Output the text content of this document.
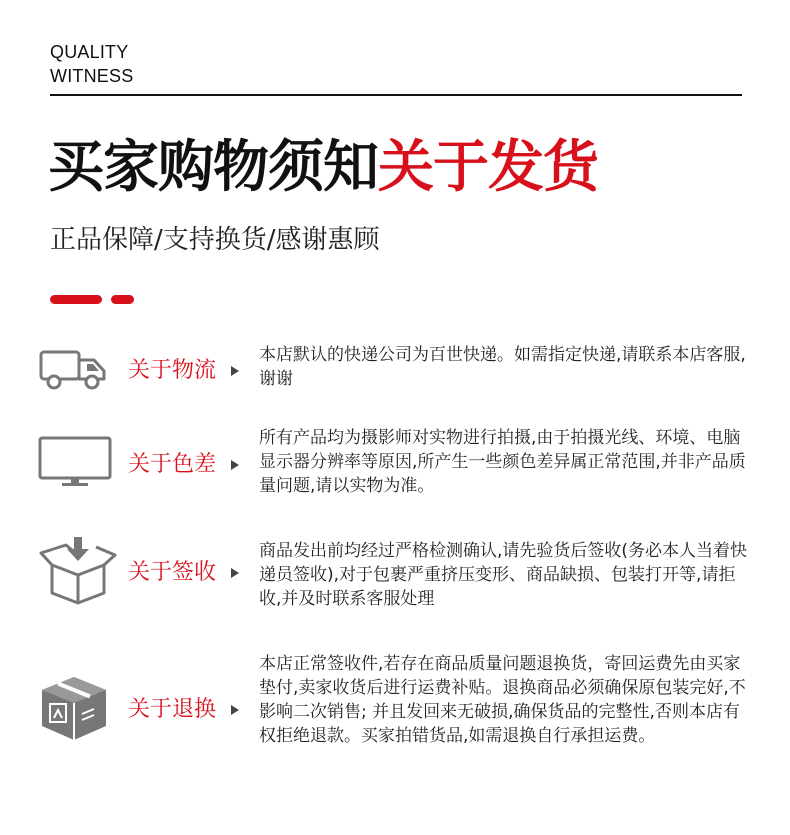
QUALITY
WITNESS
买家购物须知关于发货
正品保障/支持换货/感谢惠顾
关于物流
本店默认的快递公司为百世快递。如需指定快递,请联系本店客服,谢谢
关于色差
所有产品均为摄影师对实物进行拍摄,由于拍摄光线、环境、电脑显示器分辨率等原因,所产生一些颜色差异属正常范围,并非产品质量问题,请以实物为准。
关于签收
商品发出前均经过严格检测确认,请先验货后签收(务必本人当着快递员签收),对于包裹严重挤压变形、商品缺损、包装打开等,请拒收,并及时联系客服处理
关于退换
本店正常签收件,若存在商品质量问题退换货，寄回运费先由买家垫付,卖家收货后进行运费补贴。退换商品必须确保原包装完好,不影响二次销售; 并且发回来无破损,确保货品的完整性,否则本店有权拒绝退款。买家拍错货品,如需退换自行承担运费。
